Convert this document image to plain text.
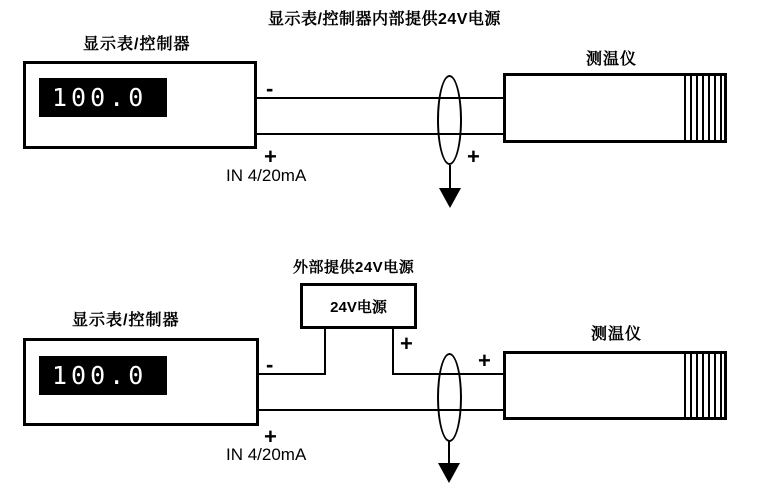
显示表/控制器内部提供24V电源
显示表/控制器
100.0	-
+
IN 4/20mA
+
测温仪
外部提供24V电源
24V电源
+
显示表/控制器
100.0	-
+
IN 4/20mA
+
测温仪
